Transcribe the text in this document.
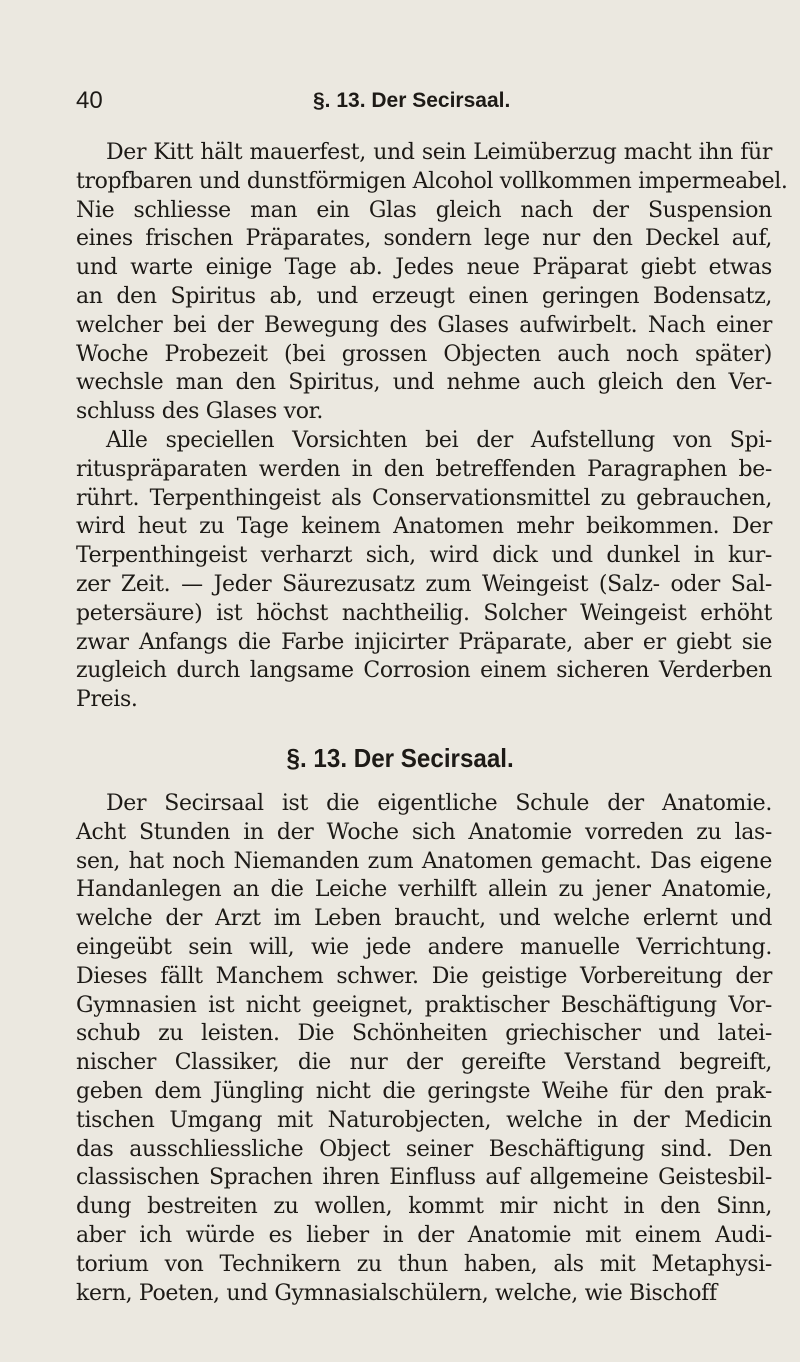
40	§. 13. Der Secirsaal.
Der Kitt hält mauerfest, und sein Leimüberzug macht ihn für
tropfbaren und dunstförmigen Alcohol vollkommen impermeabel.
Nie schliesse man ein Glas gleich nach der Suspension
eines frischen Präparates, sondern lege nur den Deckel auf,
und warte einige Tage ab. Jedes neue Präparat giebt etwas
an den Spiritus ab, und erzeugt einen geringen Bodensatz,
welcher bei der Bewegung des Glases aufwirbelt. Nach einer
Woche Probezeit (bei grossen Objecten auch noch später)
wechsle man den Spiritus, und nehme auch gleich den Ver-
schluss des Glases vor.
Alle speciellen Vorsichten bei der Aufstellung von Spi-
rituspräparaten werden in den betreffenden Paragraphen be-
rührt. Terpenthingeist als Conservationsmittel zu gebrauchen,
wird heut zu Tage keinem Anatomen mehr beikommen. Der
Terpenthingeist verharzt sich, wird dick und dunkel in kur-
zer Zeit. — Jeder Säurezusatz zum Weingeist (Salz- oder Sal-
petersäure) ist höchst nachtheilig. Solcher Weingeist erhöht
zwar Anfangs die Farbe injicirter Präparate, aber er giebt sie
zugleich durch langsame Corrosion einem sicheren Verderben
Preis.
§. 13. Der Secirsaal.
Der Secirsaal ist die eigentliche Schule der Anatomie.
Acht Stunden in der Woche sich Anatomie vorreden zu las-
sen, hat noch Niemanden zum Anatomen gemacht. Das eigene
Handanlegen an die Leiche verhilft allein zu jener Anatomie,
welche der Arzt im Leben braucht, und welche erlernt und
eingeübt sein will, wie jede andere manuelle Verrichtung.
Dieses fällt Manchem schwer. Die geistige Vorbereitung der
Gymnasien ist nicht geeignet, praktischer Beschäftigung Vor-
schub zu leisten. Die Schönheiten griechischer und latei-
nischer Classiker, die nur der gereifte Verstand begreift,
geben dem Jüngling nicht die geringste Weihe für den prak-
tischen Umgang mit Naturobjecten, welche in der Medicin
das ausschliessliche Object seiner Beschäftigung sind. Den
classischen Sprachen ihren Einfluss auf allgemeine Geistesbil-
dung bestreiten zu wollen, kommt mir nicht in den Sinn,
aber ich würde es lieber in der Anatomie mit einem Audi-
torium von Technikern zu thun haben, als mit Metaphysi-
kern, Poeten, und Gymnasialschülern, welche, wie Bischoff
